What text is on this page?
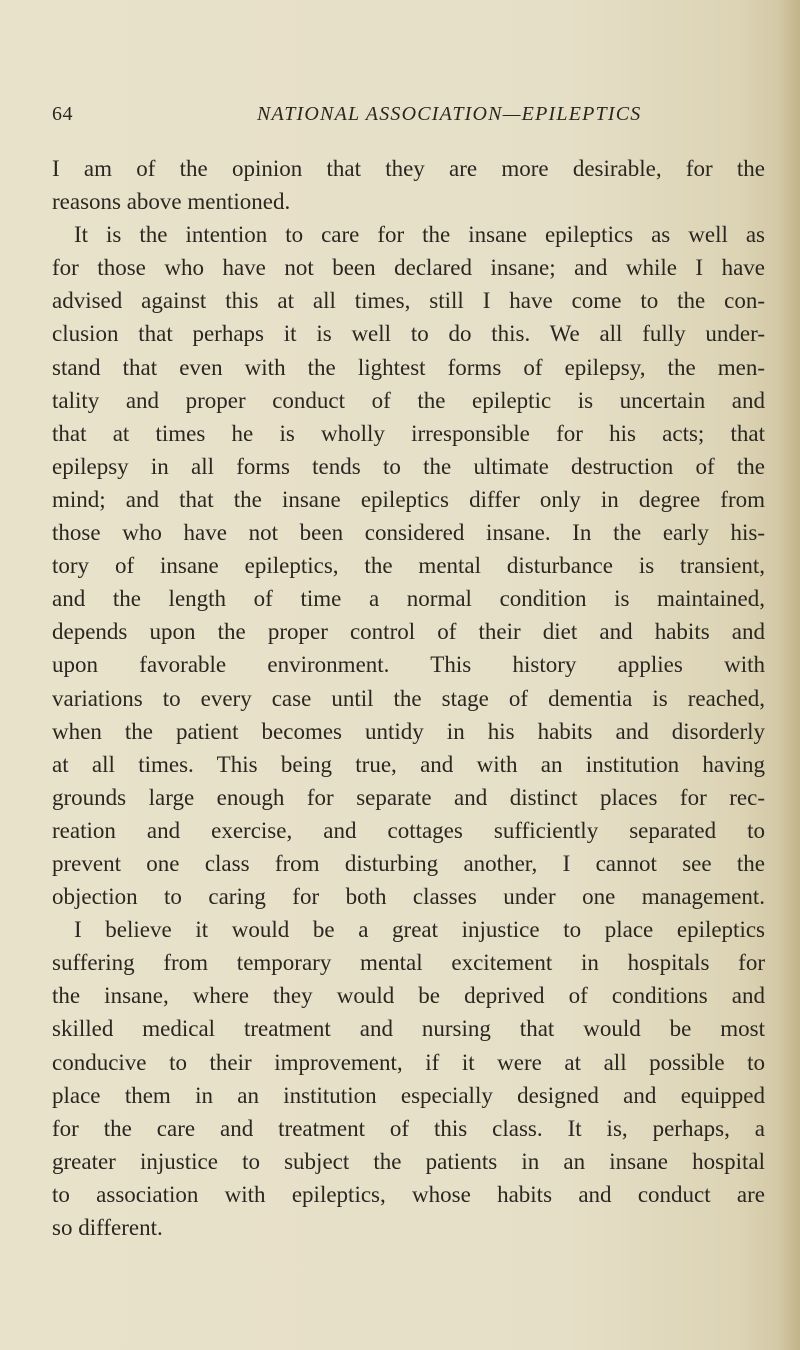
64	NATIONAL ASSOCIATION—EPILEPTICS
I am of the opinion that they are more desirable, for the
reasons above mentioned.
It is the intention to care for the insane epileptics as well as
for those who have not been declared insane; and while I have
advised against this at all times, still I have come to the con-
clusion that perhaps it is well to do this. We all fully under-
stand that even with the lightest forms of epilepsy, the men-
tality and proper conduct of the epileptic is uncertain and
that at times he is wholly irresponsible for his acts; that
epilepsy in all forms tends to the ultimate destruction of the
mind; and that the insane epileptics differ only in degree from
those who have not been considered insane. In the early his-
tory of insane epileptics, the mental disturbance is transient,
and the length of time a normal condition is maintained,
depends upon the proper control of their diet and habits and
upon favorable environment. This history applies with
variations to every case until the stage of dementia is reached,
when the patient becomes untidy in his habits and disorderly
at all times. This being true, and with an institution having
grounds large enough for separate and distinct places for rec-
reation and exercise, and cottages sufficiently separated to
prevent one class from disturbing another, I cannot see the
objection to caring for both classes under one management.
I believe it would be a great injustice to place epileptics
suffering from temporary mental excitement in hospitals for
the insane, where they would be deprived of conditions and
skilled medical treatment and nursing that would be most
conducive to their improvement, if it were at all possible to
place them in an institution especially designed and equipped
for the care and treatment of this class. It is, perhaps, a
greater injustice to subject the patients in an insane hospital
to association with epileptics, whose habits and conduct are
so different.
